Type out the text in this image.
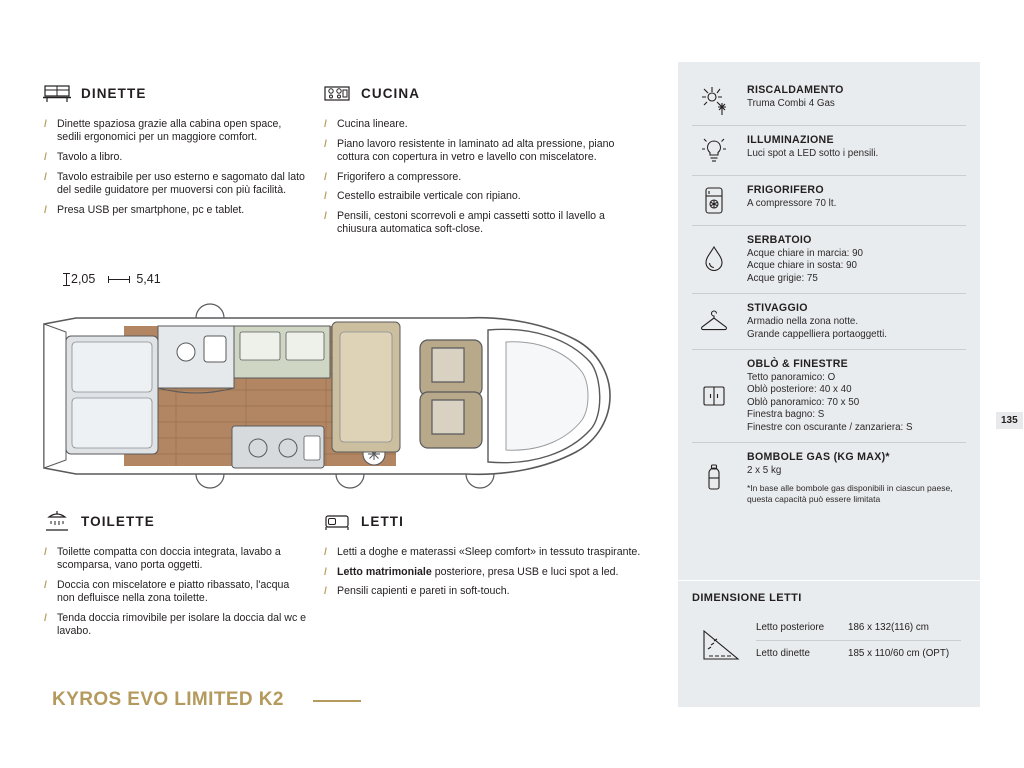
DINETTE
/ Dinette spaziosa grazie alla cabina open space, sedili ergonomici per un maggiore comfort.
/ Tavolo a libro.
/ Tavolo estraibile per uso esterno e sagomato dal lato del sedile guidatore per muoversi con più facilità.
/ Presa USB per smartphone, pc e tablet.
CUCINA
/ Cucina lineare.
/ Piano lavoro resistente in laminato ad alta pressione, piano cottura con copertura in vetro e lavello con miscelatore.
/ Frigorifero a compressore.
/ Cestello estraibile verticale con ripiano.
/ Pensili, cestoni scorrevoli e ampi cassetti sotto il lavello a chiusura automatica soft-close.
2,05	5,41
TOILETTE
/ Toilette compatta con doccia integrata, lavabo a scomparsa, vano porta oggetti.
/ Doccia con miscelatore e piatto ribassato, l'acqua non defluisce nella zona toilette.
/ Tenda doccia rimovibile per isolare la doccia dal wc e lavabo.
LETTI
/ Letti a doghe e materassi «Sleep comfort» in tessuto traspirante.
/ Letto matrimoniale posteriore, presa USB e luci spot a led.
/ Pensili capienti e pareti in soft-touch.
KYROS EVO LIMITED K2
RISCALDAMENTO
Truma Combi 4 Gas
ILLUMINAZIONE
Luci spot a LED sotto i pensili.
FRIGORIFERO
A compressore 70 lt.
SERBATOIO
Acque chiare in marcia: 90
Acque chiare in sosta: 90
Acque grigie: 75
STIVAGGIO
Armadio nella zona notte.
Grande cappelliera portaoggetti.
OBLÒ & FINESTRE
Tetto panoramico: O
Oblò posteriore: 40 x 40
Oblò panoramico: 70 x 50
Finestra bagno: S
Finestre con oscurante / zanzariera: S
BOMBOLE GAS (KG MAX)*
2 x 5 kg
*In base alle bombole gas disponibili in ciascun paese, questa capacità può essere limitata
DIMENSIONE LETTI
Letto posteriore	186 x 132(116) cm
Letto dinette	185 x 110/60 cm (OPT)
135
